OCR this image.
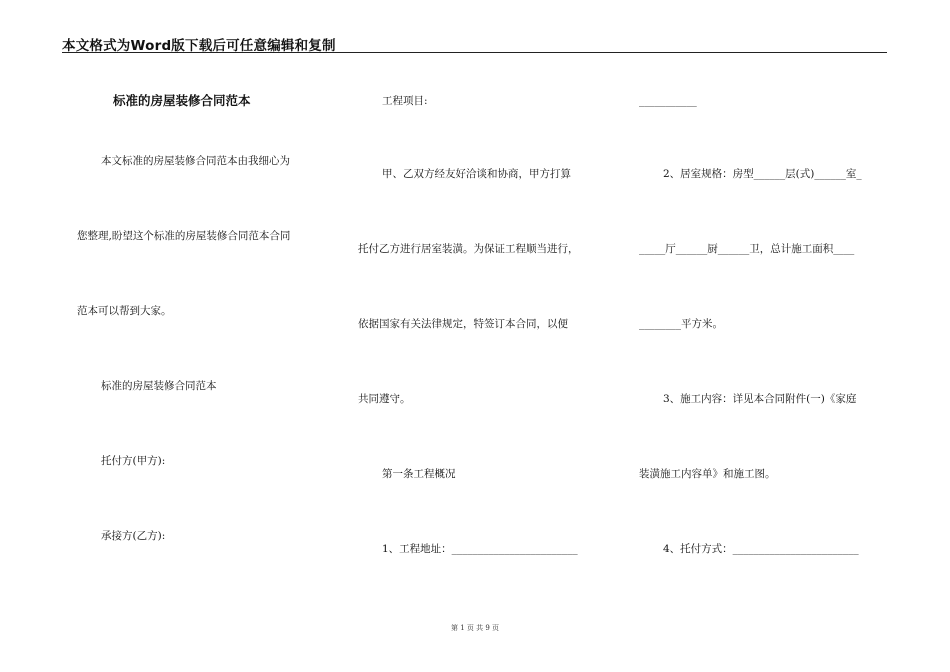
本文格式为Word版下载后可任意编辑和复制
标准的房屋装修合同范本
本文标准的房屋装修合同范本由我细心为
您整理,盼望这个标准的房屋装修合同范本合同
范本可以帮到大家。
标准的房屋装修合同范本
托付方(甲方):
承接方(乙方):
工程项目:
甲、乙双方经友好洽谈和协商，甲方打算
托付乙方进行居室装潢。为保证工程顺当进行，
依据国家有关法律规定，特签订本合同，以便
共同遵守。
第一条工程概况
1、工程地址：________________________
___________
2、居室规格：房型______层(式)______室_
_____厅______厨______卫，总计施工面积____
________平方米。
3、施工内容：详见本合同附件(一)《家庭
装潢施工内容单》和施工图。
4、托付方式：________________________
第 1 页 共 9 页
